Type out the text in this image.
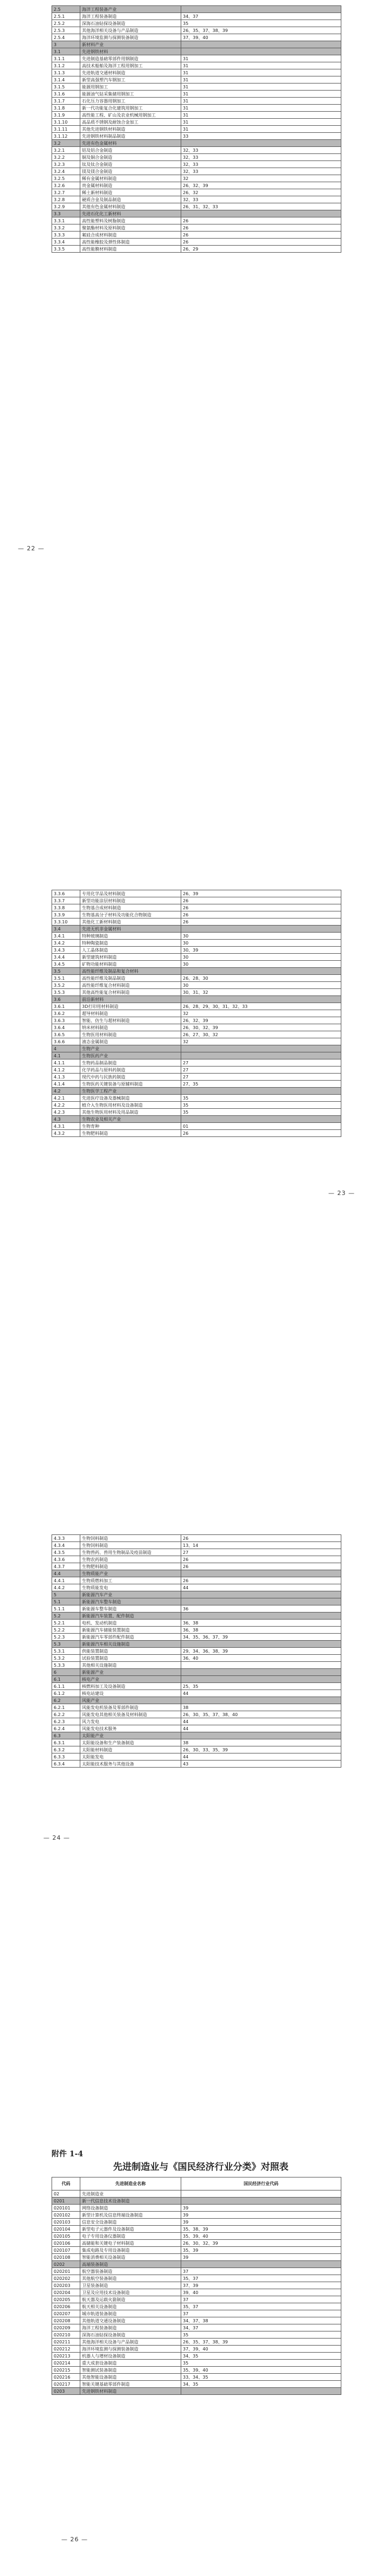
2.5	海洋工程装备产业	
2.5.1	海洋工程装备制造	34、37
2.5.2	深海石油钻探设备制造	35
2.5.3	其他海洋相关设备与产品制造	26、35、37、38、39
2.5.4	海洋环境监测与探测装备制造	37、39、40
3	新材料产业	
3.1	先进钢铁材料	
3.1.1	先进制造基础零部件用钢制造	31
3.1.2	高技术船舶及海洋工程用钢加工	31
3.1.3	先进轨道交通材料制造	31
3.1.4	新型高强塑汽车钢加工	31
3.1.5	能源用钢加工	31
3.1.6	能源油气钻采集储用钢加工	31
3.1.7	石化压力容器用钢加工	31
3.1.8	新一代功能复合化建筑用钢加工	31
3.1.9	高性能工程、矿山及农业机械用钢加工	31
3.1.10	高品质不锈钢及耐蚀合金加工	31
3.1.11	其他先进钢铁材料制造	31
3.1.12	先进钢铁材料制品制造	33
3.2	先进有色金属材料	
3.2.1	铝及铝合金制造	32、33
3.2.2	铜及铜合金制造	32、33
3.2.3	钛及钛合金制造	32、33
3.2.4	镁及镁合金制造	32、33
3.2.5	稀有金属材料制造	32
3.2.6	贵金属材料制造	26、32、39
3.2.7	稀土新材料制造	26、32
3.2.8	硬质合金及制品制造	32、33
3.2.9	其他有色金属材料制造	26、31、32、33
3.3	先进石化化工新材料	
3.3.1	高性能塑料及树脂制造	26
3.3.2	聚氨酯材料及原料制造	26
3.3.3	氟硅合成材料制造	26
3.3.4	高性能橡胶及弹性体制造	26
3.3.5	高性能膜材料制造	26、29
— 22 —
3.3.6	专用化学品及材料制造	26、39
3.3.7	新型功能涂层材料制造	26
3.3.8	生物基合成材料制造	26
3.3.9	生物基高分子材料及功能化合物制造	26
3.3.10	其他化工新材料制造	26
3.4	先进无机非金属材料	
3.4.1	特种玻璃制造	30
3.4.2	特种陶瓷制造	30
3.4.3	人工晶体制造	30、39
3.4.4	新型建筑材料制造	30
3.4.5	矿物功能材料制造	30
3.5	高性能纤维及制品和复合材料	
3.5.1	高性能纤维及制品制造	26、28、30
3.5.2	高性能纤维复合材料制造	30
3.5.3	其他高性能复合材料制造	30、31、32
3.6	前沿新材料	
3.6.1	3D打印用材料制造	26、28、29、30、31、32、33
3.6.2	超导材料制造	32
3.6.3	智能、仿生与超材料制造	26、32、39
3.6.4	纳米材料制造	26、30、32、39
3.6.5	生物医用材料制造	26、27、30、32
3.6.6	液态金属制造	32
4	生物产业	
4.1	生物医药产业	
4.1.1	生物药品制品制造	27
4.1.2	化学药品与原料药制造	27
4.1.3	现代中药与民族药制造	27
4.1.4	生物医药关键装备与原辅料制造	27、35
4.2	生物医学工程产业	
4.2.1	先进医疗设备及器械制造	35
4.2.2	植介入生物医用材料及设备制造	35
4.2.3	其他生物医用材料及用品制造	35
4.3	生物农业及相关产业	
4.3.1	生物育种	01
4.3.2	生物肥料制造	26
— 23 —
4.3.3	生物饲料制造	26
4.3.4	生物饲料制造	13、14
4.3.5	生物兽药、兽用生物制品及疫苗制造	27
4.3.6	生物农药制造	26
4.3.7	生物肥料制造	26
4.4	生物质能产业	
4.4.1	生物质燃料加工	26
4.4.2	生物质能发电	44
5	新能源汽车产业	
5.1	新能源汽车整车制造	
5.1.1	新能源车整车制造	36
5.2	新能源汽车装置、配件制造	
5.2.1	电机、发动机制造	36、38
5.2.2	新能源汽车储能装置制造	36、38
5.2.3	新能源汽车零部件配件制造	34、35、36、37、39
5.3	新能源汽车相关设施制造	
5.3.1	供能装置制造	29、34、36、38、39
5.3.2	试验装置制造	36、40
5.3.3	其他相关设施制造	
6	新能源产业	
6.1	核电产业	
6.1.1	核燃料加工及设备制造	25、35
6.1.2	核电站建设	44
6.2	风能产业	
6.2.1	风能发电机装备及零部件制造	38
6.2.2	风能发电其他相关装备及材料制造	26、30、35、37、38、40
6.2.3	风力发电	44
6.2.4	风能发电技术服务	44
6.3	太阳能产业	
6.3.1	太阳能设备和生产装备制造	38
6.3.2	太阳能材料制造	26、30、33、35、39
6.3.3	太阳能发电	44
6.3.4	太阳能技术服务与其他设备	43
— 24 —
附件 1-4
先进制造业与《国民经济行业分类》对照表
代码	先进制造业名称	国民经济行业代码
02	先进制造业	
0201	新一代信息技术设备制造	
020101	网络设备制造	39
020102	新型计算机及信息终端设备制造	39
020103	信息安全设备制造	39
020104	新型电子元器件及设备制造	35、38、39
020105	电子专用设备仪器制造	35、39、40
020106	高储能和关键电子材料制造	26、30、32、39
020107	集成电路及专用设备制造	35、39
020108	智能消费相关设备制造	39
0202	高端装备制造	
020201	航空器装备制造	37
020202	其他航空装备制造	35、37
020203	卫星装备制造	37、39
020204	卫星及应用技术设备制造	39、40
020205	航天器及运载火箭制造	37
020206	航天相关设备制造	35、37
020207	城市轨道装备制造	37
020208	其他轨道交通设备制造	34、37、38
020209	海洋工程装备制造	34、37
020210	深海石油钻探设备制造	35
020211	其他海洋相关设备与产品制造	26、35、37、38、39
020212	海洋环境监测与探测装备制造	37、39、40
020213	机器人与增材设备制造	34、35
020214	重大成套设备制造	35
020215	智能测试装备制造	35、39、40
020216	其他智能设备制造	33、34、35
020217	智能关键基础零部件制造	34、35
0203	先进钢铁材料制造	
— 26 —
